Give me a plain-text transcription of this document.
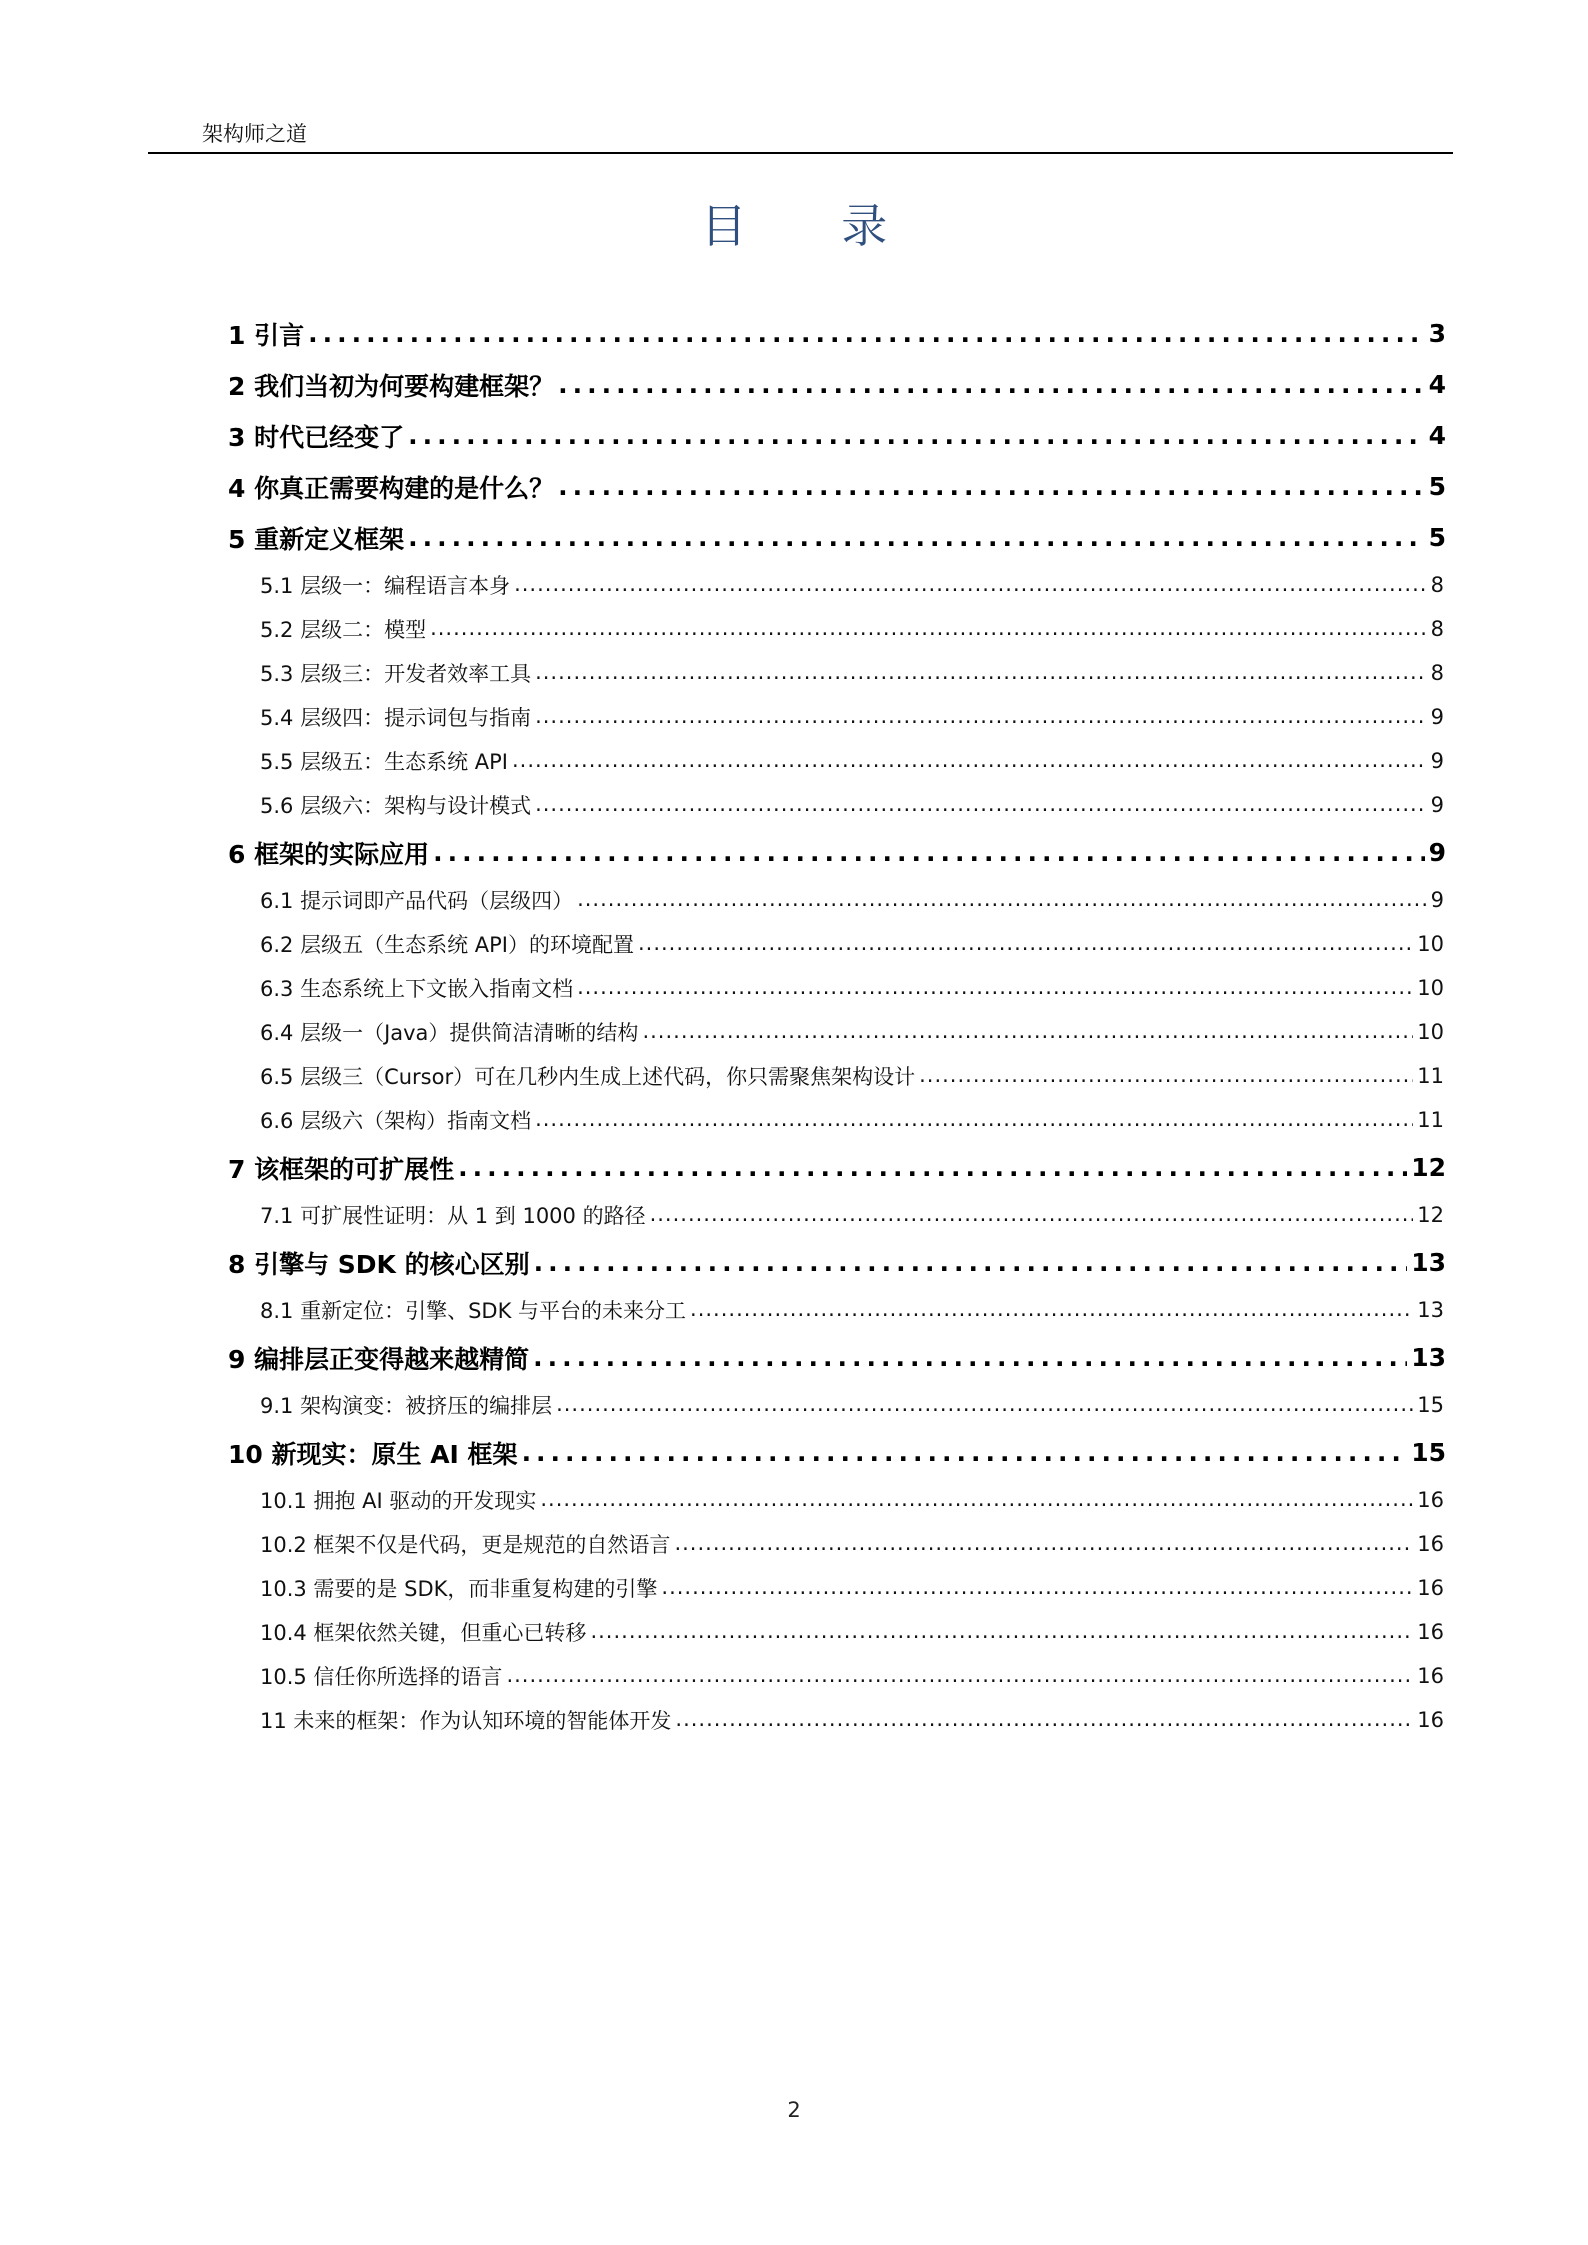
架构师之道
目 录
1 引言 .....	3
2 我们当初为何要构建框架？ .....	4
3 时代已经变了 .....	4
4 你真正需要构建的是什么？ .....	5
5 重新定义框架 .....	5
5.1 层级一：编程语言本身 .....	8
5.2 层级二：模型 .....	8
5.3 层级三：开发者效率工具 .....	8
5.4 层级四：提示词包与指南 .....	9
5.5 层级五：生态系统 API .....	9
5.6 层级六：架构与设计模式 .....	9
6 框架的实际应用 .....	9
6.1 提示词即产品代码（层级四） .....	9
6.2 层级五（生态系统 API）的环境配置 .....	10
6.3 生态系统上下文嵌入指南文档 .....	10
6.4 层级一（Java）提供简洁清晰的结构 .....	10
6.5 层级三（Cursor）可在几秒内生成上述代码，你只需聚焦架构设计 .....	11
6.6 层级六（架构）指南文档 .....	11
7 该框架的可扩展性 .....	12
7.1 可扩展性证明：从 1 到 1000 的路径 .....	12
8 引擎与 SDK 的核心区别 .....	13
8.1 重新定位：引擎、SDK 与平台的未来分工 .....	13
9 编排层正变得越来越精简 .....	13
9.1 架构演变：被挤压的编排层 .....	15
10 新现实：原生 AI 框架 .....	15
10.1 拥抱 AI 驱动的开发现实 .....	16
10.2 框架不仅是代码，更是规范的自然语言 .....	16
10.3 需要的是 SDK，而非重复构建的引擎 .....	16
10.4 框架依然关键，但重心已转移 .....	16
10.5 信任你所选择的语言 .....	16
11 未来的框架：作为认知环境的智能体开发 .....	16
2
